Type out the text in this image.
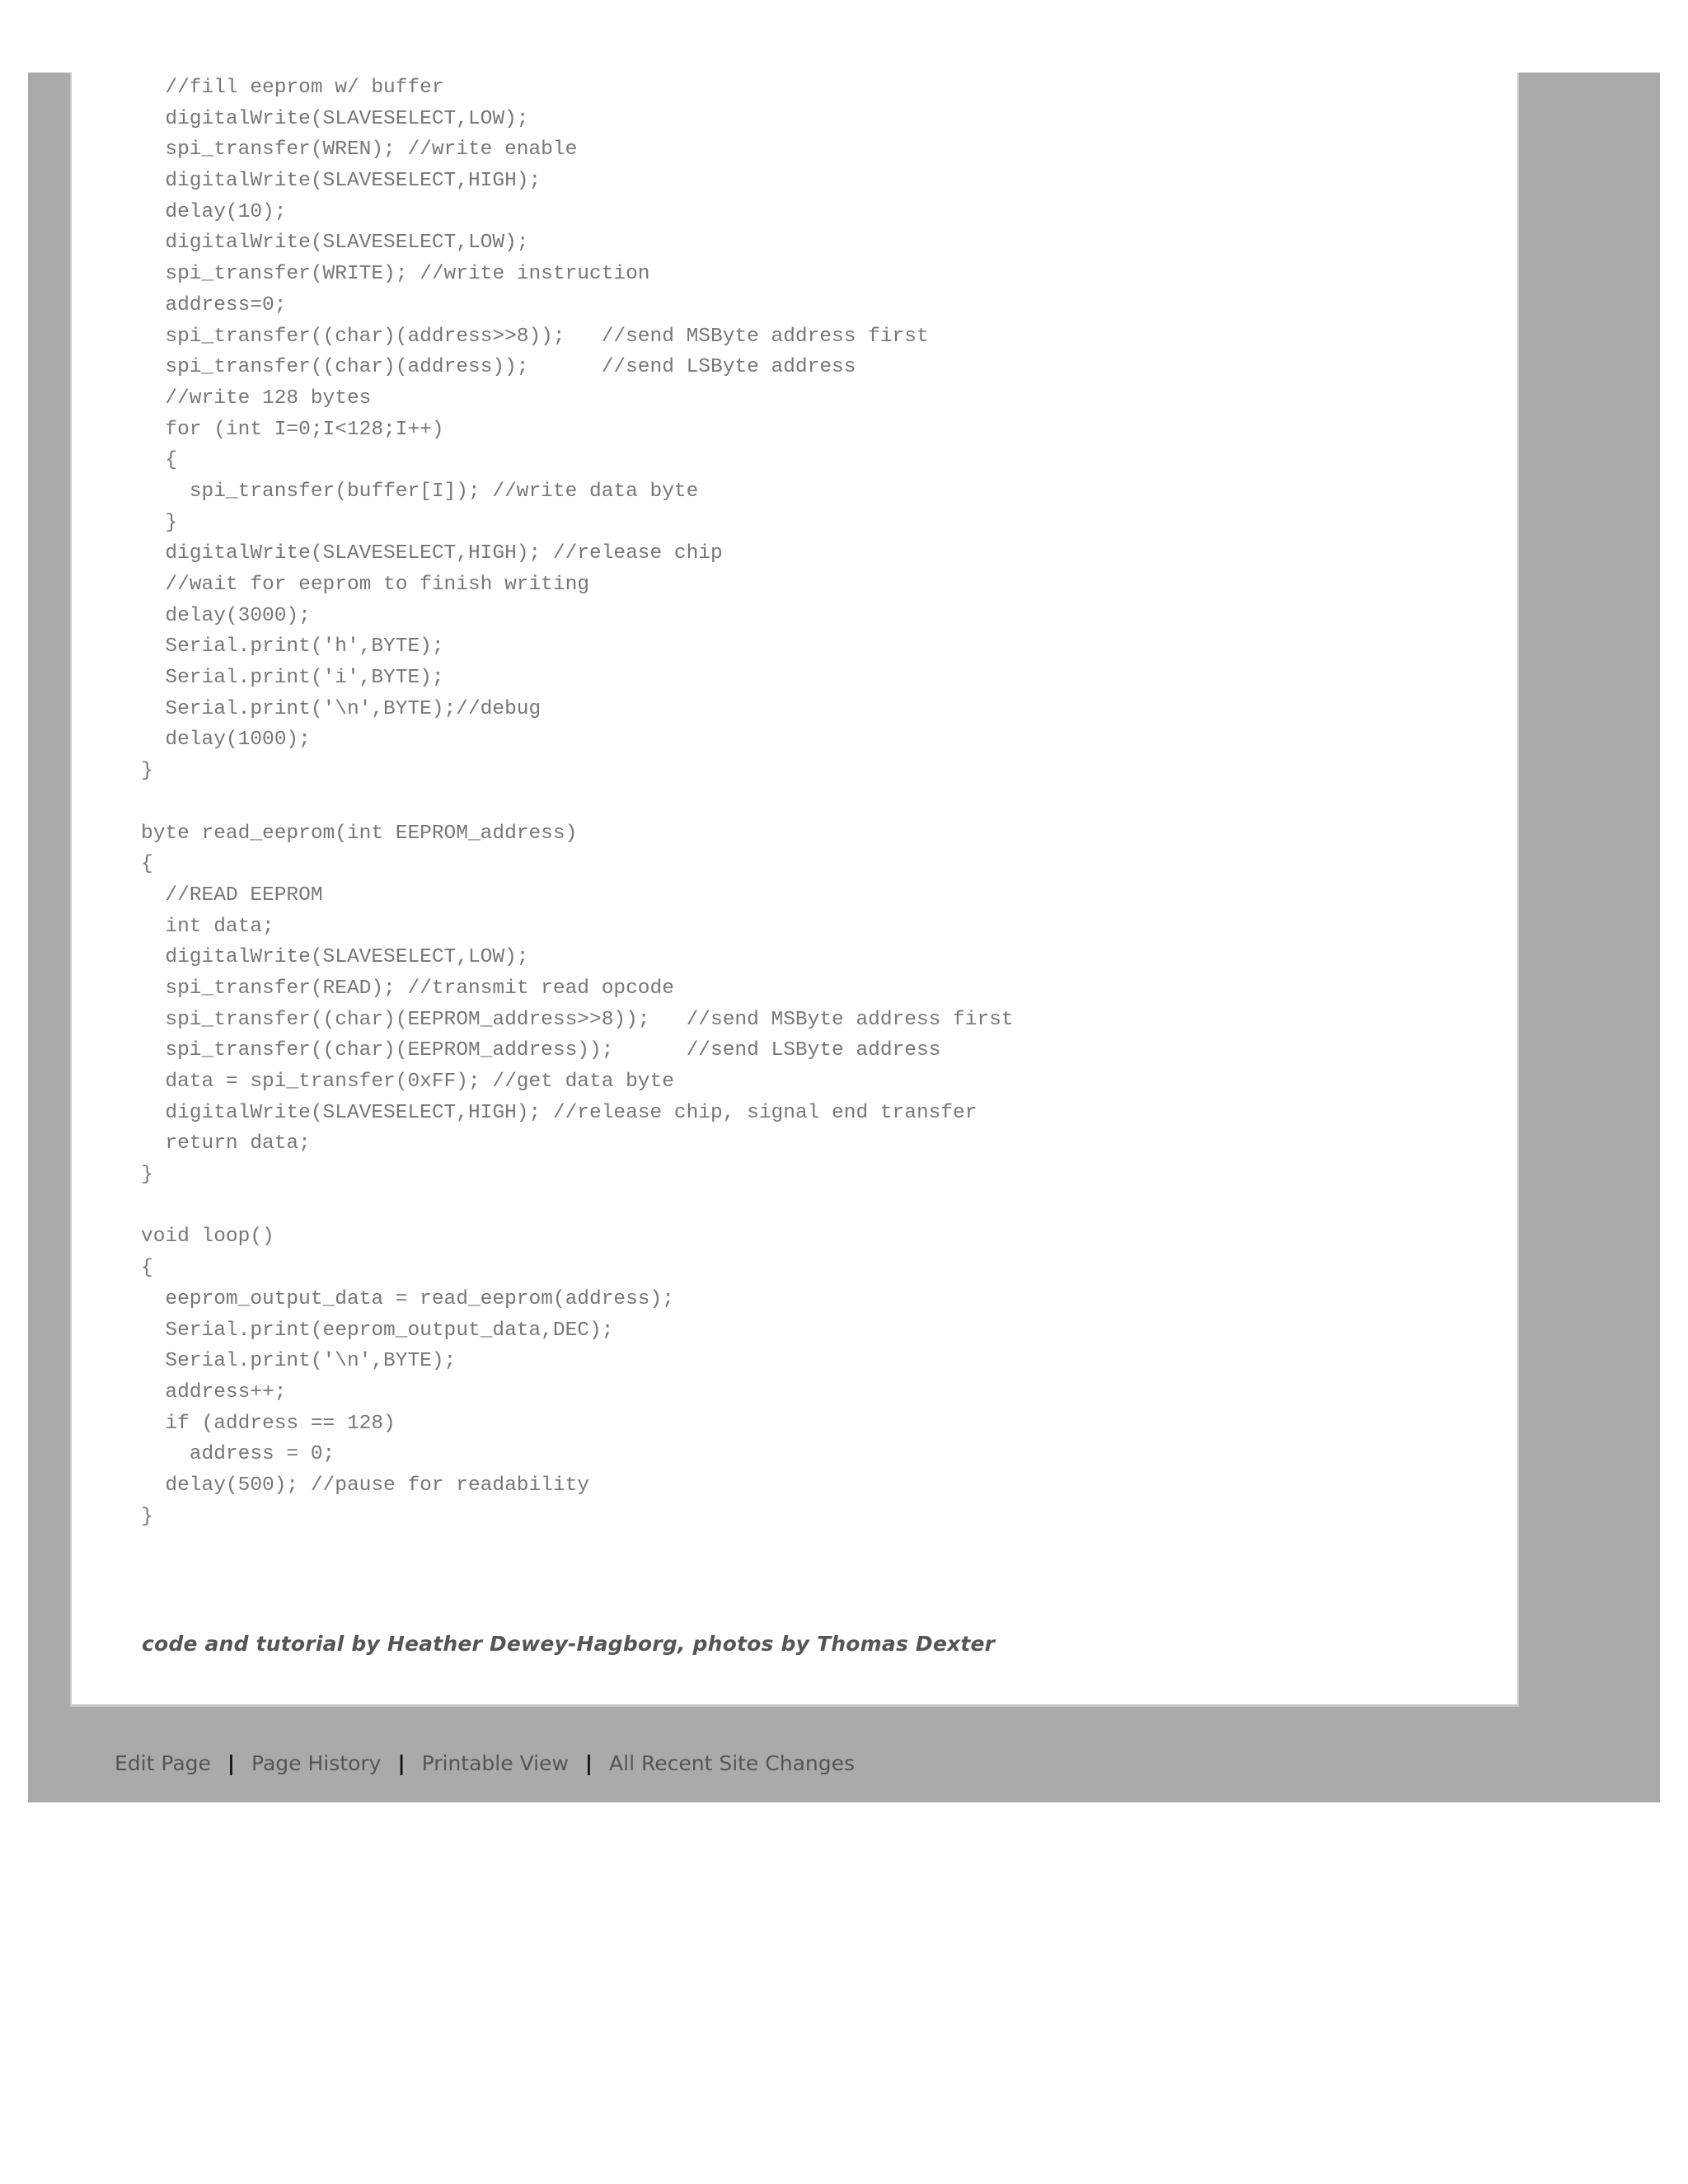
//fill eeprom w/ buffer
digitalWrite(SLAVESELECT,LOW);
spi_transfer(WREN); //write enable
digitalWrite(SLAVESELECT,HIGH);
delay(10);
digitalWrite(SLAVESELECT,LOW);
spi_transfer(WRITE); //write instruction
address=0;
spi_transfer((char)(address>>8));   //send MSByte address first
spi_transfer((char)(address));      //send LSByte address
//write 128 bytes
for (int I=0;I<128;I++)
{
spi_transfer(buffer[I]); //write data byte
}
digitalWrite(SLAVESELECT,HIGH); //release chip
//wait for eeprom to finish writing
delay(3000);
Serial.print('h',BYTE);
Serial.print('i',BYTE);
Serial.print('\n',BYTE);//debug
delay(1000);
}
byte read_eeprom(int EEPROM_address)
{
//READ EEPROM
int data;
digitalWrite(SLAVESELECT,LOW);
spi_transfer(READ); //transmit read opcode
spi_transfer((char)(EEPROM_address>>8));   //send MSByte address first
spi_transfer((char)(EEPROM_address));      //send LSByte address
data = spi_transfer(0xFF); //get data byte
digitalWrite(SLAVESELECT,HIGH); //release chip, signal end transfer
return data;
}
void loop()
{
eeprom_output_data = read_eeprom(address);
Serial.print(eeprom_output_data,DEC);
Serial.print('\n',BYTE);
address++;
if (address == 128)
address = 0;
delay(500); //pause for readability
}
code and tutorial by Heather Dewey-Hagborg, photos by Thomas Dexter
Edit Page | Page History | Printable View | All Recent Site Changes
